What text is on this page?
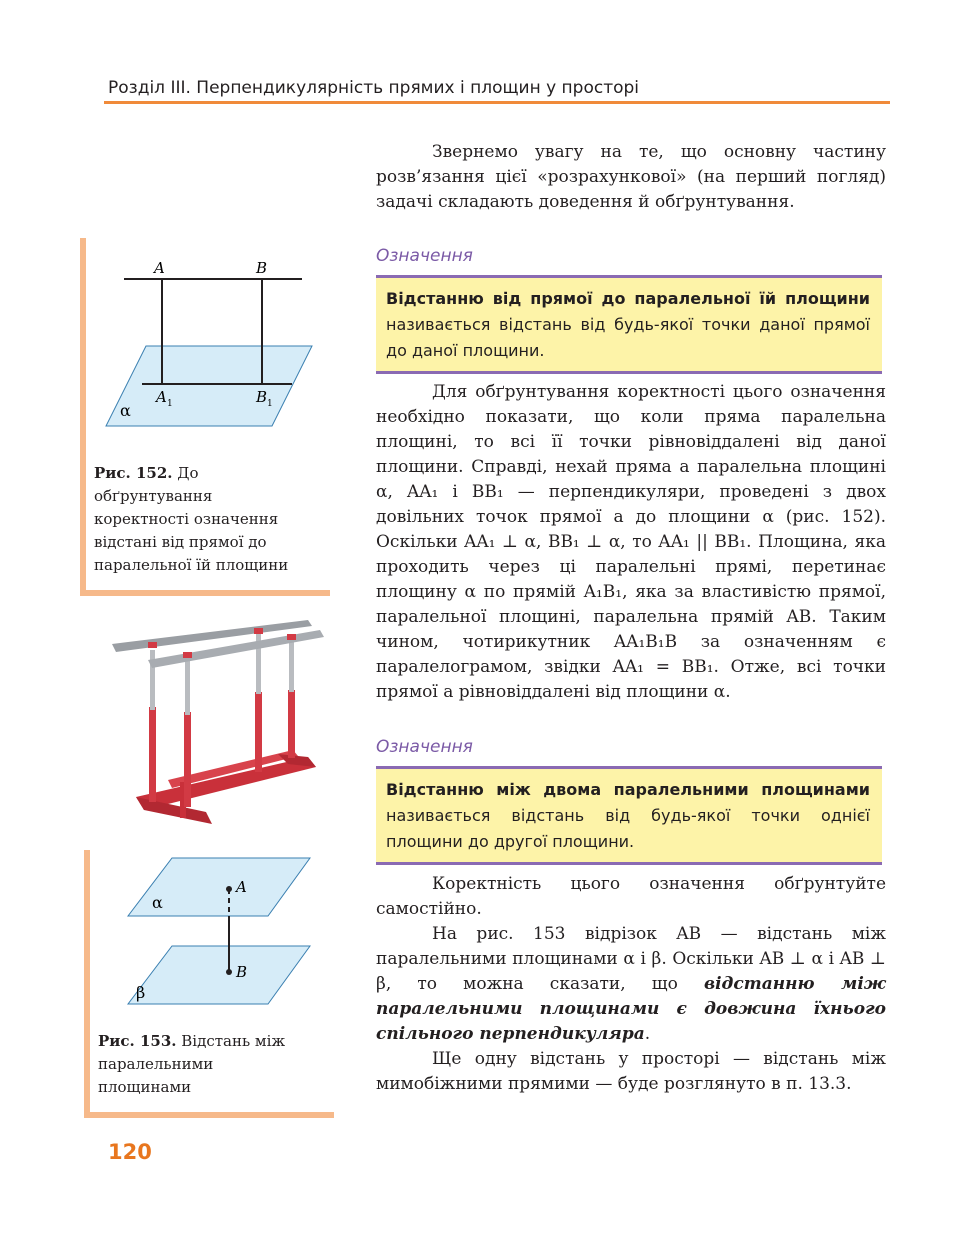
Розділ III. Перпендикулярність прямих і площин у просторі
A	B
A 1	B 1
α
Рис. 152. До обґрунтування коректності означення відстані від прямої до паралельної їй площини
A
B
α
β
Рис. 153. Відстань між паралельними площинами
Звернемо увагу на те, що основну частину розв’язання цієї «розрахункової» (на перший погляд) задачі складають доведення й обґрунтування.
Означення
Відстанню від прямої до паралельної їй площини називається відстань від будь-якої точки даної прямої до даної площини.
Для обґрунтування коректності цього означення необхідно показати, що коли пряма паралельна площині, то всі її точки рівновіддалені від даної площини. Справді, нехай пряма a паралельна площині α, AA₁ і BB₁ — перпендикуляри, проведені з двох довільних точок прямої a до площини α (рис. 152). Оскільки AA₁ ⊥ α, BB₁ ⊥ α, то AA₁ || BB₁. Площина, яка проходить через ці паралельні прямі, перетинає площину α по прямій A₁B₁, яка за властивістю прямої, паралельної площині, паралельна прямій AB. Таким чином, чотирикутник AA₁B₁B за означенням є паралелограмом, звідки AA₁ = BB₁. Отже, всі точки прямої a рівновіддалені від площини α.
Означення
Відстанню між двома паралельними площинами називається відстань від будь-якої точки однієї площини до другої площини.
Коректність цього означення обґрунтуйте самостійно.
На рис. 153 відрізок AB — відстань між паралельними площинами α і β. Оскільки AB ⊥ α і AB ⊥ β, то можна сказати, що відстанню між паралельними площинами є довжина їхнього спільного перпендикуляра.
Ще одну відстань у просторі — відстань між мимобіжними прямими — буде розглянуто в п. 13.3.
120
